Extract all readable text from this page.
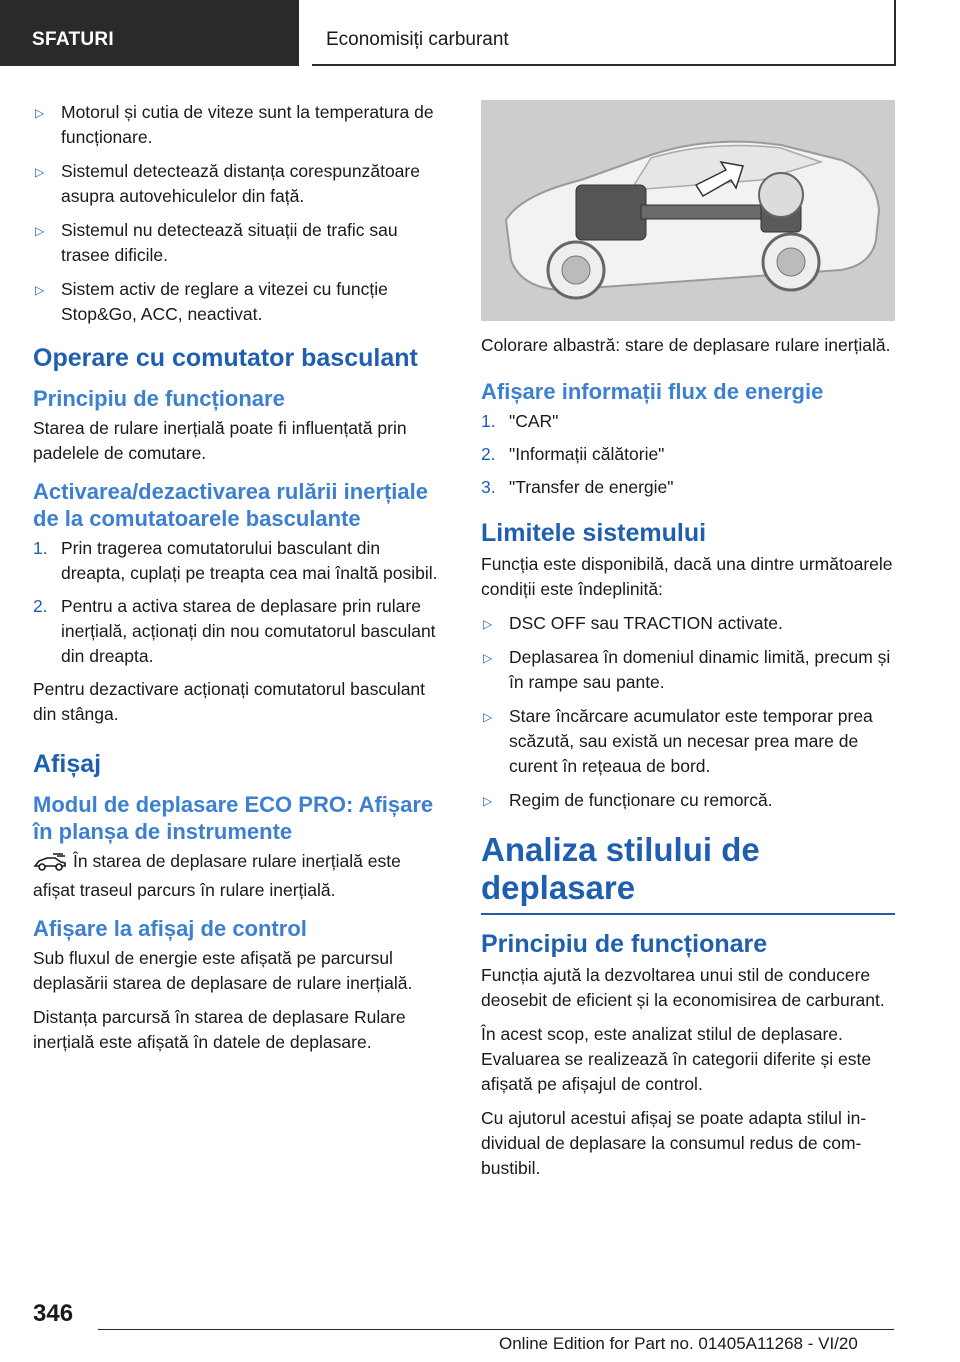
SFATURI	Economisiți carburant
▷ Motorul și cutia de viteze sunt la temperatura de funcționare.
▷ Sistemul detectează distanța corespunzătoare asupra autovehiculelor din față.
▷ Sistemul nu detectează situații de trafic sau trasee dificile.
▷ Sistem activ de reglare a vitezei cu funcție Stop&Go, ACC, neactivat.
Operare cu comutator basculant
Principiu de funcționare

Starea de rulare inerțială poate fi influențată prin padelele de comutare.

Activarea/dezactivarea rulării inerțiale de la comutatoarele basculante
1. Prin tragerea comutatorului basculant din dreapta, cuplați pe treapta cea mai înaltă posibil.
2. Pentru a activa starea de deplasare prin rulare inerțială, acționați din nou comutatorul basculant din dreapta.

Pentru dezactivare acționați comutatorul basculant din stânga.

Afișaj
Modul de deplasare ECO PRO: Afișare în planșa de instrumente

În starea de deplasare rulare inerțială este afișat traseul parcurs în rulare inerțială.

Afișare la afișaj de control

Sub fluxul de energie este afișată pe parcursul deplasării starea de deplasare de rulare inerțială.

Distanța parcursă în starea de deplasare Rulare inerțială este afișată în datele de deplasare.

Colorare albastră: stare de deplasare rulare inerțială.

Afișare informații flux de energie
1. "CAR"
2. "Informații călătorie"
3. "Transfer de energie"
Limitele sistemului

Funcția este disponibilă, dacă una dintre următoarele condiții este îndeplinită:

▷ DSC OFF sau TRACTION activate.
▷ Deplasarea în domeniul dinamic limită, precum și în rampe sau pante.
▷ Stare încărcare acumulator este temporar prea scăzută, sau există un necesar prea mare de curent în rețeaua de bord.
▷ Regim de funcționare cu remorcă.
Analiza stilului de deplasare
Principiu de funcționare

Funcția ajută la dezvoltarea unui stil de conducere deosebit de eficient și la economisirea de carburant.

În acest scop, este analizat stilul de deplasare. Evaluarea se realizează în categorii diferite și este afișată pe afișajul de control.

Cu ajutorul acestui afișaj se poate adapta stilul individual de deplasare la consumul redus de combustibil.

346
Online Edition for Part no. 01405A11268 - VI/20
